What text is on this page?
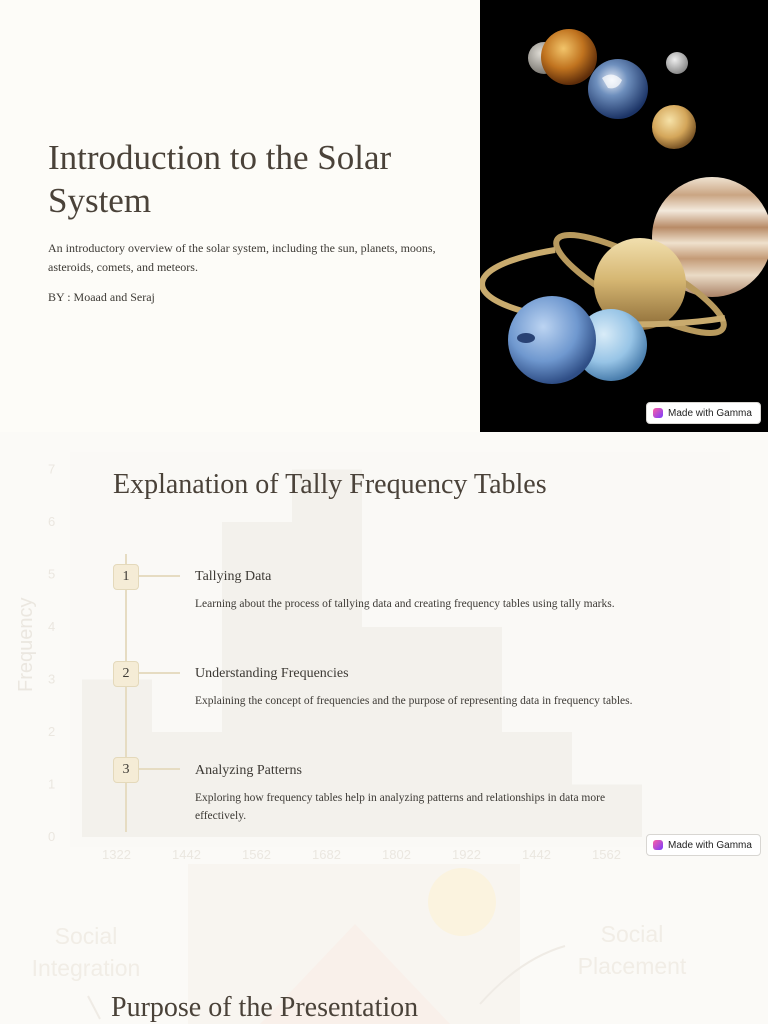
Introduction to the Solar System

An introductory overview of the solar system, including the sun, planets, moons, asteroids, comets, and meteors.

BY : Moaad and Seraj

Made with Gamma
0
1
2
3
4
5
6
7
1322	1442	1562	1682	1802	1922	1442	1562
Frequency
Explanation of Tally Frequency Tables
1	Tallying Data

Learning about the process of tallying data and creating frequency tables using tally marks.

2	Understanding Frequencies

Explaining the concept of frequencies and the purpose of representing data in frequency tables.

3	Analyzing Patterns

Exploring how frequency tables help in analyzing patterns and relationships in data more effectively.

Made with Gamma
Social Integration
Social Placement
Purpose of the Presentation
